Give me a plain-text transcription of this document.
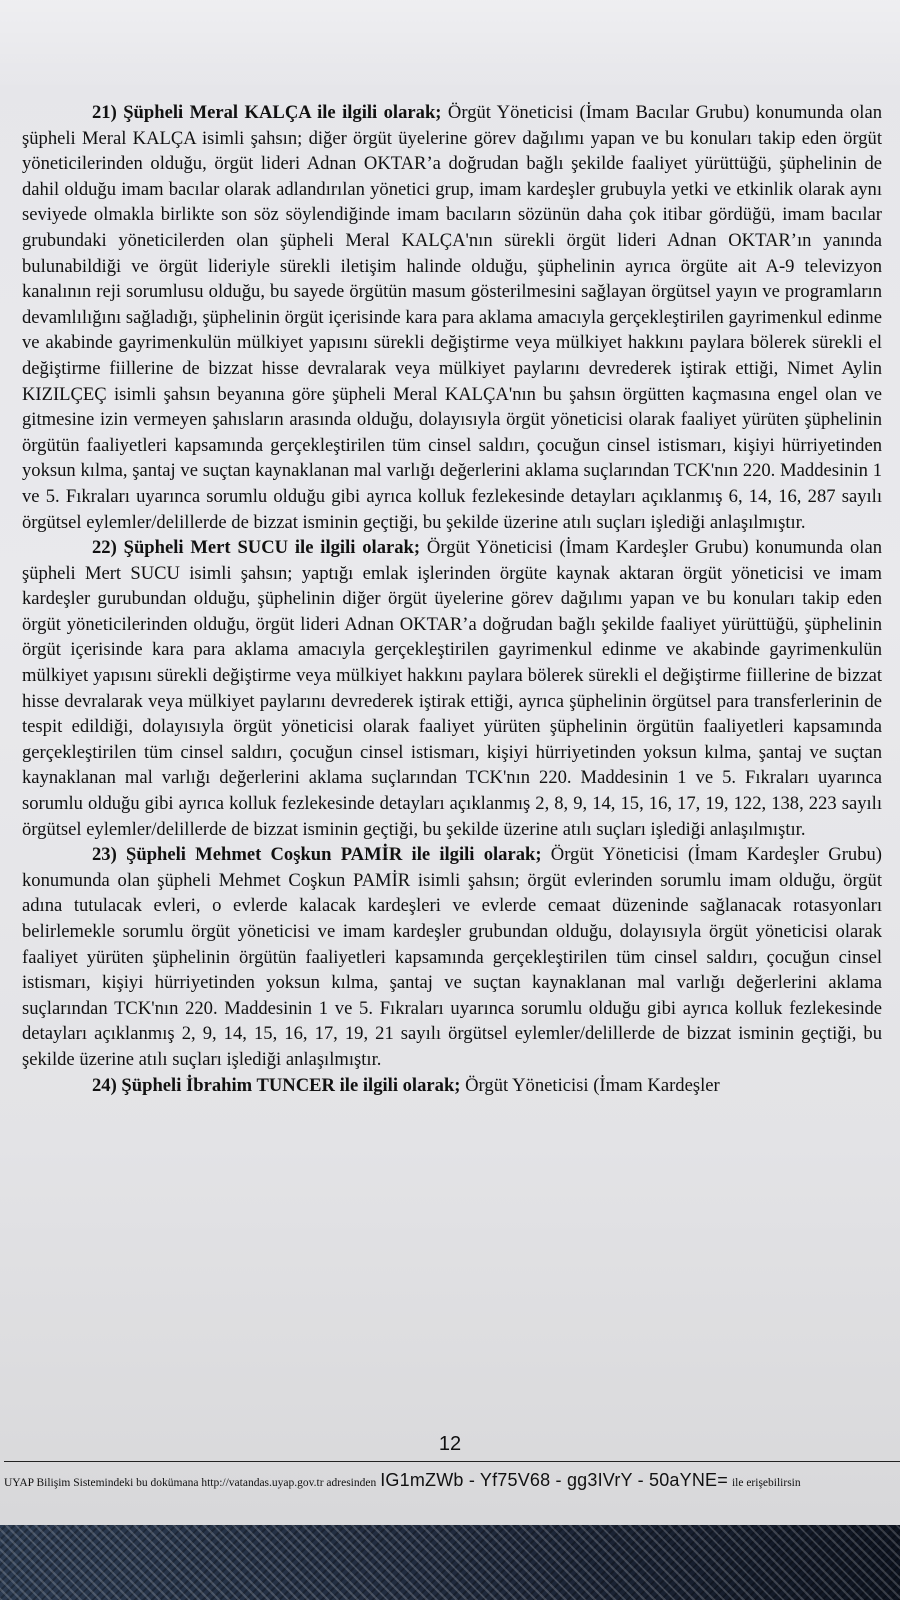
21) Şüpheli Meral KALÇA ile ilgili olarak; Örgüt Yöneticisi (İmam Bacılar Grubu) konumunda olan şüpheli Meral KALÇA isimli şahsın; diğer örgüt üyelerine görev dağılımı yapan ve bu konuları takip eden örgüt yöneticilerinden olduğu, örgüt lideri Adnan OKTAR’a doğrudan bağlı şekilde faaliyet yürüttüğü, şüphelinin de dahil olduğu imam bacılar olarak adlandırılan yönetici grup, imam kardeşler grubuyla yetki ve etkinlik olarak aynı seviyede olmakla birlikte son söz söylendiğinde imam bacıların sözünün daha çok itibar gördüğü, imam bacılar grubundaki yöneticilerden olan şüpheli Meral KALÇA'nın sürekli örgüt lideri Adnan OKTAR’ın yanında bulunabildiği ve örgüt lideriyle sürekli iletişim halinde olduğu, şüphelinin ayrıca örgüte ait A-9 televizyon kanalının reji sorumlusu olduğu, bu sayede örgütün masum gösterilmesini sağlayan örgütsel yayın ve programların devamlılığını sağladığı, şüphelinin örgüt içerisinde kara para aklama amacıyla gerçekleştirilen gayrimenkul edinme ve akabinde gayrimenkulün mülkiyet yapısını sürekli değiştirme veya mülkiyet hakkını paylara bölerek sürekli el değiştirme fiillerine de bizzat hisse devralarak veya mülkiyet paylarını devrederek iştirak ettiği, Nimet Aylin KIZILÇEÇ isimli şahsın beyanına göre şüpheli Meral KALÇA'nın bu şahsın örgütten kaçmasına engel olan ve gitmesine izin vermeyen şahısların arasında olduğu, dolayısıyla örgüt yöneticisi olarak faaliyet yürüten şüphelinin örgütün faaliyetleri kapsamında gerçekleştirilen tüm cinsel saldırı, çocuğun cinsel istismarı, kişiyi hürriyetinden yoksun kılma, şantaj ve suçtan kaynaklanan mal varlığı değerlerini aklama suçlarından TCK'nın 220. Maddesinin 1 ve 5. Fıkraları uyarınca sorumlu olduğu gibi ayrıca kolluk fezlekesinde detayları açıklanmış 6, 14, 16, 287 sayılı örgütsel eylemler/delillerde de bizzat isminin geçtiği, bu şekilde üzerine atılı suçları işlediği anlaşılmıştır.

22) Şüpheli Mert SUCU ile ilgili olarak; Örgüt Yöneticisi (İmam Kardeşler Grubu) konumunda olan şüpheli Mert SUCU isimli şahsın; yaptığı emlak işlerinden örgüte kaynak aktaran örgüt yöneticisi ve imam kardeşler gurubundan olduğu, şüphelinin diğer örgüt üyelerine görev dağılımı yapan ve bu konuları takip eden örgüt yöneticilerinden olduğu, örgüt lideri Adnan OKTAR’a doğrudan bağlı şekilde faaliyet yürüttüğü, şüphelinin örgüt içerisinde kara para aklama amacıyla gerçekleştirilen gayrimenkul edinme ve akabinde gayrimenkulün mülkiyet yapısını sürekli değiştirme veya mülkiyet hakkını paylara bölerek sürekli el değiştirme fiillerine de bizzat hisse devralarak veya mülkiyet paylarını devrederek iştirak ettiği, ayrıca şüphelinin örgütsel para transferlerinin de tespit edildiği, dolayısıyla örgüt yöneticisi olarak faaliyet yürüten şüphelinin örgütün faaliyetleri kapsamında gerçekleştirilen tüm cinsel saldırı, çocuğun cinsel istismarı, kişiyi hürriyetinden yoksun kılma, şantaj ve suçtan kaynaklanan mal varlığı değerlerini aklama suçlarından TCK'nın 220. Maddesinin 1 ve 5. Fıkraları uyarınca sorumlu olduğu gibi ayrıca kolluk fezlekesinde detayları açıklanmış 2, 8, 9, 14, 15, 16, 17, 19, 122, 138, 223 sayılı örgütsel eylemler/delillerde de bizzat isminin geçtiği, bu şekilde üzerine atılı suçları işlediği anlaşılmıştır.

23) Şüpheli Mehmet Coşkun PAMİR ile ilgili olarak; Örgüt Yöneticisi (İmam Kardeşler Grubu) konumunda olan şüpheli Mehmet Coşkun PAMİR isimli şahsın; örgüt evlerinden sorumlu imam olduğu, örgüt adına tutulacak evleri, o evlerde kalacak kardeşleri ve evlerde cemaat düzeninde sağlanacak rotasyonları belirlemekle sorumlu örgüt yöneticisi ve imam kardeşler grubundan olduğu, dolayısıyla örgüt yöneticisi olarak faaliyet yürüten şüphelinin örgütün faaliyetleri kapsamında gerçekleştirilen tüm cinsel saldırı, çocuğun cinsel istismarı, kişiyi hürriyetinden yoksun kılma, şantaj ve suçtan kaynaklanan mal varlığı değerlerini aklama suçlarından TCK'nın 220. Maddesinin 1 ve 5. Fıkraları uyarınca sorumlu olduğu gibi ayrıca kolluk fezlekesinde detayları açıklanmış 2, 9, 14, 15, 16, 17, 19, 21 sayılı örgütsel eylemler/delillerde de bizzat isminin geçtiği, bu şekilde üzerine atılı suçları işlediği anlaşılmıştır.

24) Şüpheli İbrahim TUNCER ile ilgili olarak; Örgüt Yöneticisi (İmam Kardeşler

12
UYAP Bilişim Sistemindeki bu dokümana http://vatandas.uyap.gov.tr adresinden IG1mZWb - Yf75V68 - gg3IVrY - 50aYNE= ile erişebilirsin
